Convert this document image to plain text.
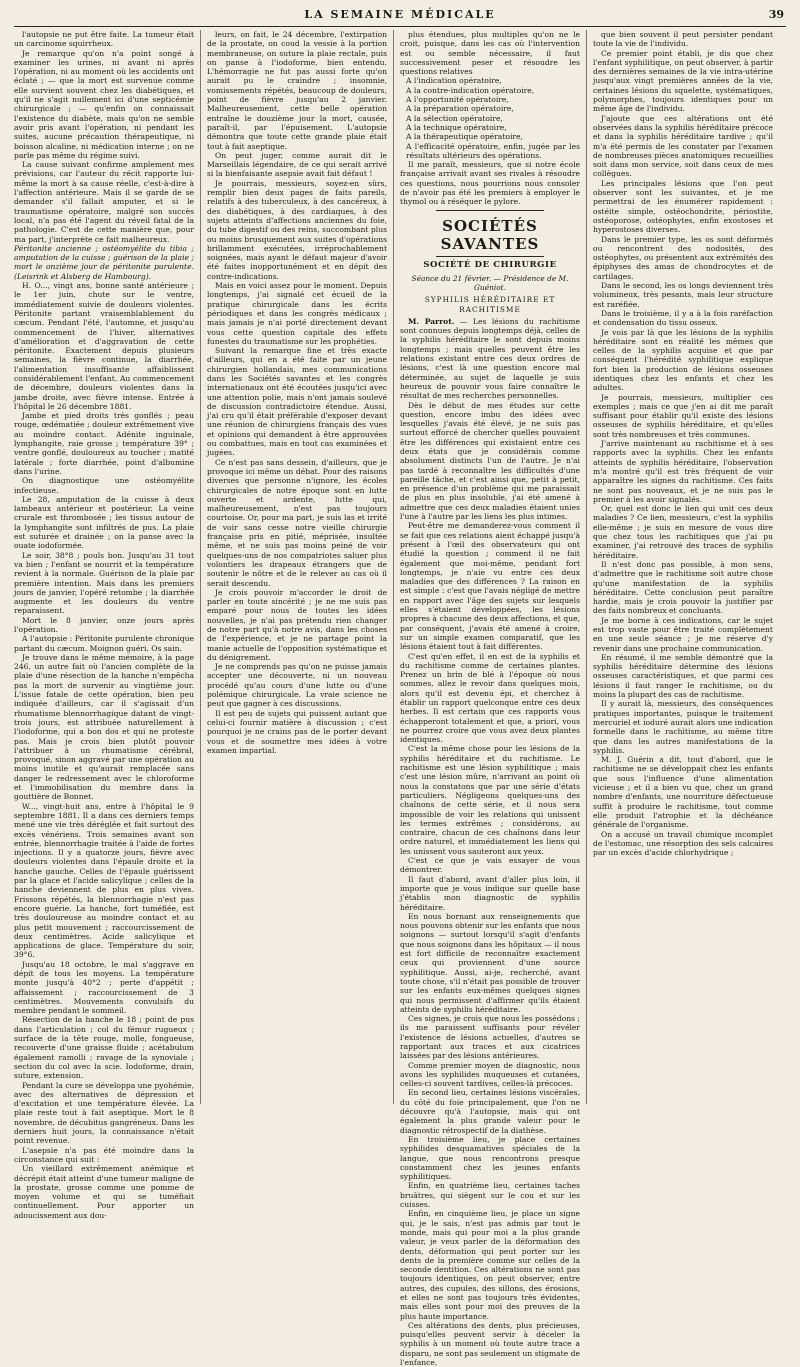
LA SEMAINE MÉDICALE	39

l'autopsie ne put être faite. La tumeur était un carcinome squirrheux.

Je remarque qu'on n'a point songé à examiner les urines, ni avant ni après l'opération, ni au moment où les accidents ont éclaté ; — que la mort est survenue comme elle survient souvent chez les diabétiques, et qu'il ne s'agit nullement ici d'une septicémie chirurgicale ; — qu'enfin on connaissait l'existence du diabète, mais qu'on ne semble avoir pris avant l'opération, ni pendant les suites, aucune précaution thérapeutique, ni boisson alcaline, ni médication interne ; on ne parle pas même du régime suivi.

La cause suivant confirme amplement mes prévisions, car l'auteur du récit rapporte lui-même la mort à sa cause réelle, c'est-à-dire à l'affection antérieure. Mais il se garde de se demander s'il fallait amputer, et si le traumatisme opératoire, malgré son succès local, n'a pas été l'agent du réveil fatal de la pathologie. C'est de cette manière que, pour ma part, j'interprète ce fait malheureux.

Péritonite ancienne ; ostéomyélite du tibia ; amputation de la cuisse ; guérison de la plaie ; mort le onzième jour de péritonite purulente. (Leisrink et Alsberg de Hambourg).

H. O..., vingt ans, bonne santé antérieure ; le 1er juin, chute sur le ventre, immédiatement suivie de douleurs violentes. Péritonite partant vraisemblablement du cæcum. Pendant l'été, l'automne, et jusqu'au commencement de l'hiver, alternatives d'amélioration et d'aggravation de cette péritonite. Exactement depuis plusieurs semaines, la fièvre continue, la diarrhée, l'alimentation insuffisante affaiblissent considérablement l'enfant. Au commencement de décembre, douleurs violentes dans la jambe droite, avec fièvre intense. Entrée à l'hôpital le 26 décembre 1881.

Jambe et pied droits très gonflés ; peau rouge, œdématiée ; douleur extrêmement vive au moindre contact. Adénite inguinale, lymphangite, raie grosse ; température 39° ; ventre gonflé, douloureux au toucher ; matité latérale ; forte diarrhée, point d'albumine dans l'urine.

On diagnostique une ostéomyélite infectieuse.

Le 28, amputation de la cuisse à deux lambeaux antérieur et postérieur. La veine crurale est thrombosée ; les tissus autour de la lymphangite sont infiltrés de pus. La plaie est suturée et drainée ; on la panse avec la ouate iodoformée.

Le soir, 38°8 ; pouls bon. Jusqu'au 31 tout va bien ; l'enfant se nourrit et la température revient à la normale. Guérison de la plaie par première intention. Mais dans les premiers jours de janvier, l'opéré retombe ; la diarrhée augmente et les douleurs du ventre reparaissent.

Mort le 8 janvier, onze jours après l'opération.

A l'autopsie : Péritonite purulente chronique partant du cæcum. Moignon guéri. Os sain.

Je trouve dans le même mémoire, à la page 246, un autre fait où l'ancien complète de la plaie d'une résection de la hanche n'empêcha pas la mort de survenir au vingtième jour. L'issue fatale de cette opération, bien peu indiquée d'ailleurs, car il s'agissait d'un rhumatisme blennorrhagique datant de vingt-trois jours, est attribuée naturellement à l'iodoforme, qui a bon dos et qui ne proteste pas. Mais je crois bien plutôt pouvoir l'attribuer à un rhumatisme cérébral, provoqué, sinon aggravé par une opération au moins inutile et qu'aurait remplacée sans danger le redressement avec le chloroforme et l'immobilisation du membre dans la gouttière de Bonnet.

W..., vingt-huit ans, entre à l'hôpital le 9 septembre 1881. Il a dans ces derniers temps mené une vie très déréglée et fait surtout des excès vénériens. Trois semaines avant son entrée, blennorrhagie traitée à l'aide de fortes injections. Il y a quatorze jours, fièvre avec douleurs violentes dans l'épaule droite et la hanche gauche. Celles de l'épaule guérissent par la glace et l'acide salicylique ; celles de la hanche deviennent de plus en plus vives. Frissons répétés, la blennorrhagie n'est pas encore guérie. La hanche, fort tuméfiée, est très douloureuse au moindre contact et au plus petit mouvement ; raccourcissement de deux centimètres. Acide salicylique et applications de glace. Température du soir, 39°6.

Jusqu'au 18 octobre, le mal s'aggrave en dépit de tous les moyens. La température monte jusqu'à 40°2 ; perte d'appétit ; affaissement ; raccourcissement de 3 centimètres. Mouvements convulsifs du membre pendant le sommeil.

Résection de la hanche le 18 ; point de pus dans l'articulation ; col du fémur rugueux ; surface de la tête rouge, molle, fongueuse, recouverte d'une graisse fluide ; acétabulum également ramolli ; ravage de la synoviale ; section du col avec la scie. Iodoforme, drain, suture, extension.

Pendant la cure se développa une pyohémie, avec des alternatives de dépression et d'excitation et une température élevée. La plaie reste tout à fait aseptique. Mort le 8 novembre, de décubitus gangréneux. Dans les derniers huit jours, la connaissance n'était point revenue.

L'asepsie n'a pas été moindre dans la circonstance qui suit :

Un vieillard extrêmement anémique et décrépit était atteint d'une tumeur maligne de la prostate, grosse comme une pomme de moyen volume et qui se tuméfiait continuellement. Pour apporter un adoucissement aux dou-

leurs, on fait, le 24 décembre, l'extirpation de la prostate, on coud la vessie à la portion membraneuse, on suture la plaie rectale, puis on panse à l'iodoforme, bien entendu. L'hémorragie ne fut pas aussi forte qu'on aurait pu le craindre ; insomnie, vomissements répétés, beaucoup de douleurs, point de fièvre jusqu'au 2 janvier. Malheureusement, cette belle opération entraîne le douzième jour la mort, causée, paraît-il, par l'épuisement. L'autopsie démontra que toute cette grande plaie était tout à fait aseptique.

On peut juger, comme aurait dit le Marseillais légendaire, de ce qui serait arrivé si la bienfaisante asepsie avait fait défaut !

Je pourrais, messieurs, soyez-en sûrs, remplir bien deux pages de faits pareils, relatifs à des tuberculeux, à des cancéreux, à des diabétiques, à des cardiaques, à des sujets atteints d'affections anciennes du foie, du tube digestif ou des reins, succombant plus ou moins brusquement aux suites d'opérations brillamment exécutées, irréprochablement soignées, mais ayant le défaut majeur d'avoir été faites inopportunément et en dépit des contre-indications.

Mais en voici assez pour le moment. Depuis longtemps, j'ai signalé cet écueil de la pratique chirurgicale dans les écrits périodiques et dans les congrès médicaux ; mais jamais je n'ai porté directement devant vous cette question capitale des effets funestes du traumatisme sur les prophéties.

Suivant la remarque fine et très exacte d'ailleurs, qui en a été faite par un jeune chirurgien hollandais, mes communications dans les Sociétés savantes et les congrès internationaux ont été écoutées jusqu'ici avec une attention polie, mais n'ont jamais soulevé de discussion contradictoire étendue. Aussi, j'ai cru qu'il était préférable d'exposer devant une réunion de chirurgiens français des vues et opinions qui demandent à être approuvées ou combattues, mais en tout cas examinées et jugées.

Ce n'est pas sans dessein, d'ailleurs, que je provoque ici même un débat. Pour des raisons diverses que personne n'ignore, les écoles chirurgicales de notre époque sont en lutte ouverte et ardente, lutte qui, malheureusement, n'est pas toujours courtoise. Or, pour ma part, je suis las et irrité de voir sans cesse notre vieille chirurgie française pris en pitié, méprisée, insultée même, et ne suis pas moins peiné de voir quelques-uns de nos compatriotes saluer plus volontiers les drapeaux étrangers que de soutenir le nôtre et de le relever au cas où il serait descendu.

Je crois pouvoir m'accorder le droit de parler en toute sincérité ; je ne me suis pas emparé pour nous de toutes les idées nouvelles, je n'ai pas prétendu rien changer de notre part qu'à notre avis, dans les choses de l'expérience, et je ne partage point la manie actuelle de l'opposition systématique et du dénigrement.

Je ne comprends pas qu'on ne puisse jamais accepter une découverte, ni un nouveau procédé qu'au cours d'une lutte ou d'une polémique chirurgicale. La vraie science ne peut que gagner à ces discussions.

Il est peu de sujets qui puissent autant que celui-ci fournir matière à discussion ; c'est pourquoi je ne crains pas de le porter devant vous et de soumettre mes idées à votre examen impartial.

plus étendues, plus multiples qu'on ne le croit, puisque, dans les cas où l'intervention est ou semble nécessaire, il faut successivement peser et résoudre les questions relatives

A l'indication opératoire,

A la contre-indication opératoire,

A l'opportunité opératoire,

A la préparation opératoire,

A la sélection opératoire,

A la technique opératoire,

A la thérapeutique opératoire,

A l'efficacité opératoire, enfin, jugée par les résultats ultérieurs des opérations.

Il me paraît, messieurs, que si notre école française arrivait avant ses rivales à résoudre ces questions, nous pourrions nous consoler de n'avoir pas été les premiers à employer le thymol ou à réséquer le pylore.

SOCIÉTÉS SAVANTES
SOCIÉTÉ DE CHIRURGIE
Séance du 21 février. — Présidence de M. Guéniot.
SYPHILIS HÉRÉDITAIRE ET RACHITISME

M. Parrot. — Les lésions du rachitisme sont connues depuis longtemps déjà, celles de la syphilis héréditaire le sont depuis moins longtemps ; mais quelles peuvent être les relations existant entre ces deux ordres de lésions, c'est là une question encore mal déterminée, au sujet de laquelle je suis heureux de pouvoir vous faire connaître le résultat de mes recherches personnelles.

Dès le début de mes études sur cette question, encore imbu des idées avec lesquelles j'avais été élevé, je ne suis pas surtout efforcé de chercher quelles pouvaient être les différences qui existaient entre ces deux états que je considérais comme absolument distincts l'un de l'autre. Je n'ai pas tardé à reconnaître les difficultés d'une pareille tâche, et c'est ainsi que, petit à petit, en présence d'un problème qui me paraissait de plus en plus insoluble, j'ai été amené à admettre que ces deux maladies étaient unies l'une à l'autre par les liens les plus intimes.

Peut-être me demanderez-vous comment il se fait que ces relations aient échappé jusqu'à présent à l'œil des observateurs qui ont étudié la question ; comment il ne fait également que moi-même, pendant fort longtemps, je n'aie vu entre ces deux maladies que des différences ? La raison en est simple : c'est que l'avais négligé de mettre en rapport avec l'âge des sujets sur lesquels elles s'étaient développées, les lésions propres à chacune des deux affections, et que, par conséquent, j'avais été amené à croire, sur un simple examen comparatif, que les lésions étaient tout à fait différentes.

C'est qu'en effet, il en est de la syphilis et du rachitisme comme de certaines plantes. Prenez un brin de blé à l'époque où nous sommes, allez le revoir dans quelques mois, alors qu'il est devenu épi, et cherchez à établir un rapport quelconque entre ces deux herbes. Il est certain que ces rapports vous échapperont totalement et que, a priori, vous ne pourrez croire que vous avez deux plantes identiques.

C'est la même chose pour les lésions de la syphilis héréditaire et du rachitisme. Le rachitisme est une lésion syphilitique ; mais c'est une lésion mûre, n'arrivant au point où nous la constatons que par une série d'états particuliers. Négligeons quelques-uns des chaînons de cette série, et il nous sera impossible de voir les relations qui unissent les termes extrêmes ; considérons, au contraire, chacun de ces chaînons dans leur ordre naturel, et immédiatement les liens qui les unissent vous sauteront aux yeux.

C'est ce que je vais essayer de vous démontrer.

Il faut d'abord, avant d'aller plus loin, il importe que je vous indique sur quelle base j'établis mon diagnostic de syphilis héréditaire.

En nous bornant aux renseignements que nous pouvons obtenir sur les enfants que nous soignons — surtout lorsqu'il s'agit d'enfants que nous soignons dans les hôpitaux — il nous est fort difficile de reconnaître exactement ceux qui proviennent d'une source syphilitique. Aussi, ai-je, recherché, avant toute chose, s'il n'était pas possible de trouver sur les enfants eux-mêmes quelques signes qui nous permissent d'affirmer qu'ils étaient atteints de syphilis héréditaire.

Ces signes, je crois que nous les possédons ; ils me paraissent suffisants pour révéler l'existence de lésions actuelles, d'autres se rapportant aux traces et aux cicatrices laissées par des lésions antérieures.

Comme premier moyen de diagnostic, nous avons les syphilides muqueuses et cutanées, celles-ci souvent tardives, celles-là précoces.

En second lieu, certaines lésions viscérales, du côté du foie principalement, que l'on ne découvre qu'à l'autopsie, mais qui ont également la plus grande valeur pour le diagnostic rétrospectif de la diathèse.

En troisième lieu, je place certaines syphilides desquamatives spéciales de la langue, que nous rencontrons presque constamment chez les jeunes enfants syphilitiques.

Enfin, en quatrième lieu, certaines taches bruâtres, qui siègent sur le cou et sur les cuisses.

Enfin, en cinquième lieu, je place un signe qui, je le sais, n'est pas admis par tout le monde, mais qui pour moi a la plus grande valeur, je veux parler de la déformation des dents, déformation qui peut porter sur les dents de la première comme sur celles de la seconde dentition. Ces altérations ne sont pas toujours identiques, on peut observer, entre autres, des cupules, des sillons, des érosions, et elles ne sont pas toujours très évidentes, mais elles sont pour moi des preuves de la plus haute importance.

Ces altérations des dents, plus précieuses, puisqu'elles peuvent servir à déceler la syphilis à un moment où toute autre trace a disparu, ne sont pas seulement un stigmate de l'enfance,

que bien souvent il peut persister pendant toute la vie de l'individu.

Ce premier point établi, je dis que chez l'enfant syphilitique, on peut observer, à partir des dernières semaines de la vie intra-utérine jusqu'aux vingt premières années de la vie, certaines lésions du squelette, systématiques, polymorphes, toujours identiques pour un même âge de l'individu.

J'ajoute que ces altérations ont été observées dans la syphilis héréditaire précoce et dans la syphilis héréditaire tardive ; qu'il m'a été permis de les constater par l'examen de nombreuses pièces anatomiques recueillies soit dans mon service, soit dans ceux de mes collègues.

Les principales lésions que l'on peut observer sont les suivantes, et je me permettrai de les énumérer rapidement : ostéite simple, ostéochondrite, périostite, ostéoporose, ostéophytes, enfin exostoses et hyperostoses diverses.

Dans le premier type, les os sont déformés ou rencontrent des nodosités, des ostéophytes, ou présentent aux extrémités des épiphyses des amas de chondrocytes et de cartilages.

Dans le second, les os longs deviennent très volumineux, très pesants, mais leur structure est raréfiée.

Dans le troisième, il y a à la fois raréfaction et condensation du tissu osseux.

Je vois par là que les lésions de la syphilis héréditaire sont en réalité les mêmes que celles de la syphilis acquise et que par conséquent l'hérédité syphilitique explique fort bien la production de lésions osseuses identiques chez les enfants et chez les adultes.

Je pourrais, messieurs, multiplier ces exemples ; mais ce que j'en ai dit me paraît suffisant pour établir qu'il existe des lésions osseuses de syphilis héréditaire, et qu'elles sont très nombreuses et très communes.

J'arrive maintenant au rachitisme et à ses rapports avec la syphilis. Chez les enfants atteints de syphilis héréditaire, l'observation m'a montré qu'il est très fréquent de voir apparaître les signes du rachitisme. Ces faits ne sont pas nouveaux, et je ne suis pas le premier à les avoir signalés.

Or, quel est donc le lien qui unit ces deux maladies ? Ce lien, messieurs, c'est la syphilis elle-même ; je suis en mesure de vous dire que chez tous les rachitiques que j'ai pu examiner, j'ai retrouvé des traces de syphilis héréditaire.

Il n'est donc pas possible, à mon sens, d'admettre que le rachitisme soit autre chose qu'une manifestation de la syphilis héréditaire. Cette conclusion peut paraître hardie, mais je crois pouvoir la justifier par des faits nombreux et concluants.

Je me borne à ces indications, car le sujet est trop vaste pour être traité complètement en une seule séance ; je me réserve d'y revenir dans une prochaine communication.

En résumé, il me semble démontré que la syphilis héréditaire détermine des lésions osseuses caractéristiques, et que parmi ces lésions il faut ranger le rachitisme, ou du moins la plupart des cas de rachitisme.

Il y aurait là, messieurs, des conséquences pratiques importantes, puisque le traitement mercuriel et ioduré aurait alors une indication formelle dans le rachitisme, au même titre que dans les autres manifestations de la syphilis.

M. J. Guérin a dit, tout d'abord, que le rachitisme ne se développait chez les enfants que sous l'influence d'une alimentation vicieuse ; et il a bien vu que, chez un grand nombre d'enfants, une nourriture défectueuse suffit à produire le rachitisme, tout comme elle produit l'atrophie et la déchéance générale de l'organisme.

On a accusé un travail chimique incomplet de l'estomac, une résorption des sels calcaires par un excès d'acide chlorhydrique ;
